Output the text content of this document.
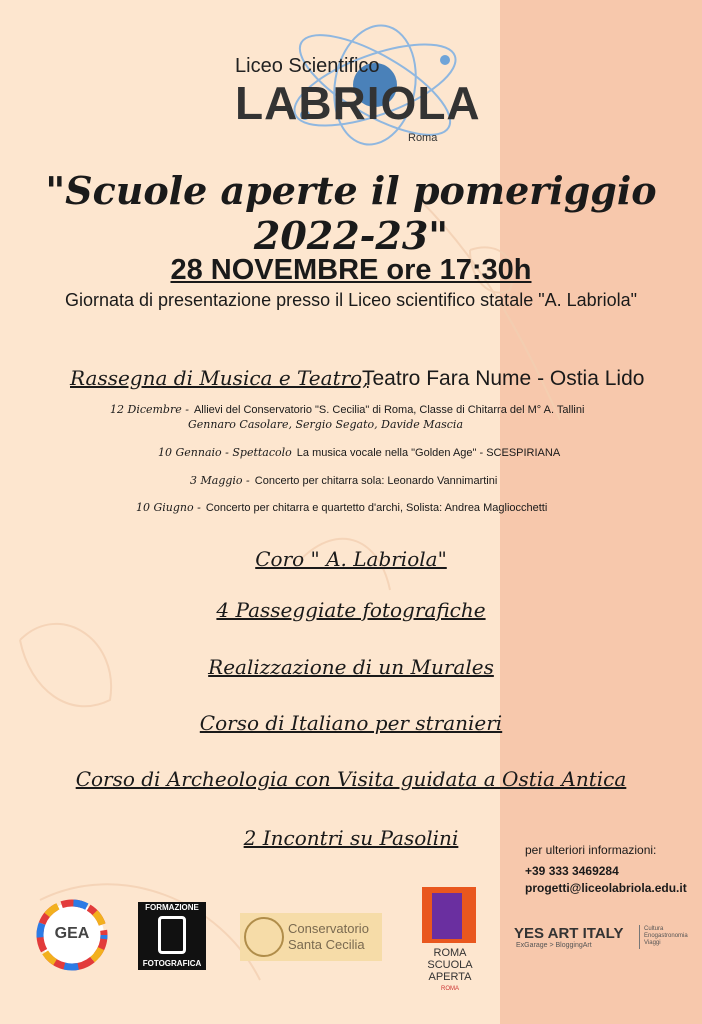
Liceo Scientifico
LABRIOLA
Roma
"Scuole aperte il pomeriggio 2022-23"
28 NOVEMBRE ore 17:30h
Giornata di presentazione presso il Liceo scientifico statale "A. Labriola"
Rassegna di Musica e Teatro,
Teatro Fara Nume - Ostia Lido
12 Dicembre - Allievi del Conservatorio "S. Cecilia" di Roma, Classe di Chitarra del M° A. Tallini
Gennaro Casolare, Sergio Segato, Davide Mascia
10 Gennaio - Spettacolo La musica vocale nella "Golden Age" - SCESPIRIANA
3 Maggio - Concerto per chitarra sola: Leonardo Vannimartini
10 Giugno - Concerto per chitarra e quartetto d'archi, Solista: Andrea Magliocchetti
Coro " A. Labriola"
4 Passeggiate fotografiche
Realizzazione di un Murales
Corso di Italiano per stranieri
Corso di Archeologia con Visita guidata a Ostia Antica
2 Incontri su Pasolini	per ulteriori informazioni:
+39 333 3469284
progetti@liceolabriola.edu.it
GEA
FORMAZIONE
FOTOGRAFICA
Conservatorio
Santa Cecilia
ROMA
SCUOLA
APERTA
ROMA
YES ART ITALY
ExGarage > BloggingArt
Cultura Enogastronomia Viaggi
